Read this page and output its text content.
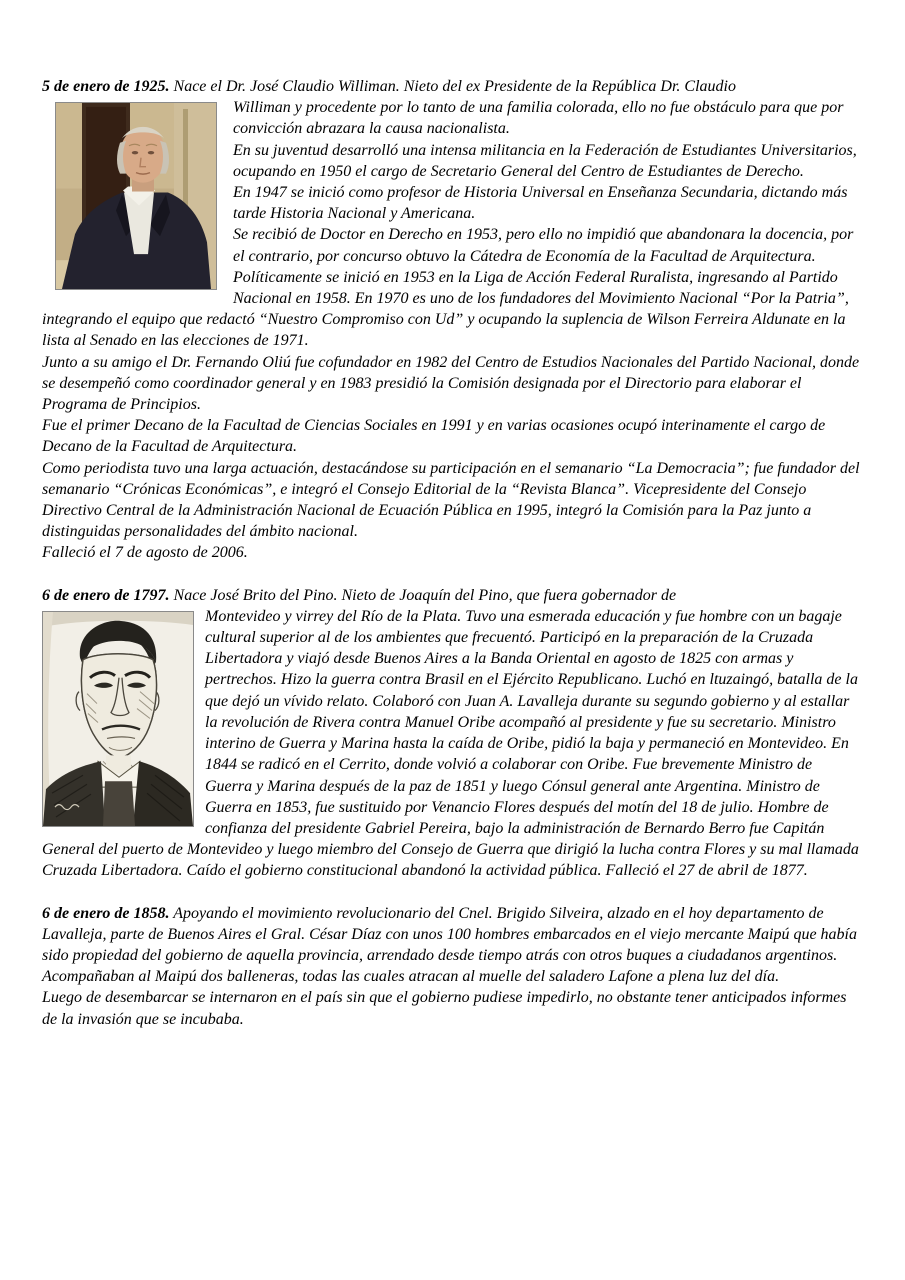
5 de enero de 1925. Nace el Dr. José Claudio Williman. Nieto del ex Presidente de la República Dr. Claudio

Williman y procedente por lo tanto de una familia colorada, ello no fue obstáculo para que por convicción abrazara la causa nacionalista.

En su juventud desarrolló una intensa militancia en la Federación de Estudiantes Universitarios, ocupando en 1950 el cargo de Secretario General del Centro de Estudiantes de Derecho.

En 1947 se inició como profesor de Historia Universal en Enseñanza Secundaria, dictando más tarde Historia Nacional y Americana.

Se recibió de Doctor en Derecho en 1953, pero ello no impidió que abandonara la docencia, por el contrario, por concurso obtuvo la Cátedra de Economía de la Facultad de Arquitectura.

Políticamente se inició en 1953 en la Liga de Acción Federal Ruralista, ingresando al Partido Nacional en 1958. En 1970 es uno de los fundadores del Movimiento Nacional “Por la Patria”, integrando el equipo que redactó “Nuestro Compromiso con Ud” y ocupando la suplencia de Wilson Ferreira Aldunate en la lista al Senado en las elecciones de 1971.

Junto a su amigo el Dr. Fernando Oliú fue cofundador en 1982 del Centro de Estudios Nacionales del Partido Nacional, donde se desempeñó como coordinador general y en 1983 presidió la Comisión designada por el Directorio para elaborar el Programa de Principios.

Fue el primer Decano de la Facultad de Ciencias Sociales en 1991 y en varias ocasiones ocupó interinamente el cargo de Decano de la Facultad de Arquitectura.

Como periodista tuvo una larga actuación, destacándose su participación en el semanario “La Democracia”; fue fundador del semanario “Crónicas Económicas”, e integró el Consejo Editorial de la “Revista Blanca”. Vicepresidente del Consejo Directivo Central de la Administración Nacional de Ecuación Pública en 1995, integró la Comisión para la Paz junto a distinguidas personalidades del ámbito nacional.

Falleció el 7 de agosto de 2006.

6 de enero de 1797. Nace José Brito del Pino. Nieto de Joaquín del Pino, que fuera gobernador de

Montevideo y virrey del Río de la Plata. Tuvo una esmerada educación y fue hombre con un bagaje cultural superior al de los ambientes que frecuentó. Participó en la preparación de la Cruzada Libertadora y viajó desde Buenos Aires a la Banda Oriental en agosto de 1825 con armas y pertrechos. Hizo la guerra contra Brasil en el Ejército Republicano. Luchó en ltuzaingó, batalla de la que dejó un vívido relato. Colaboró con Juan A. Lavalleja durante su segundo gobierno y al estallar la revolución de Rivera contra Manuel Oribe acompañó al presidente y fue su secretario. Ministro interino de Guerra y Marina hasta la caída de Oribe, pidió la baja y permaneció en Montevideo. En 1844 se radicó en el Cerrito, donde volvió a colaborar con Oribe. Fue brevemente Ministro de Guerra y Marina después de la paz de 1851 y luego Cónsul general ante Argentina. Ministro de Guerra en 1853, fue sustituido por Venancio Flores después del motín del 18 de julio. Hombre de confianza del presidente Gabriel Pereira, bajo la administración de Bernardo Berro fue Capitán General del puerto de Montevideo y luego miembro del Consejo de Guerra que dirigió la lucha contra Flores y su mal llamada Cruzada Libertadora. Caído el gobierno constitucional abandonó la actividad pública. Falleció el 27 de abril de 1877.

6 de enero de 1858. Apoyando el movimiento revolucionario del Cnel. Brigido Silveira, alzado en el hoy departamento de Lavalleja, parte de Buenos Aires el Gral. César Díaz con unos 100 hombres embarcados en el viejo mercante Maipú que había sido propiedad del gobierno de aquella provincia, arrendado desde tiempo atrás con otros buques a ciudadanos argentinos.

Acompañaban al Maipú dos balleneras, todas las cuales atracan al muelle del saladero Lafone a plena luz del día.

Luego de desembarcar se internaron en el país sin que el gobierno pudiese impedirlo, no obstante tener anticipados informes de la invasión que se incubaba.
